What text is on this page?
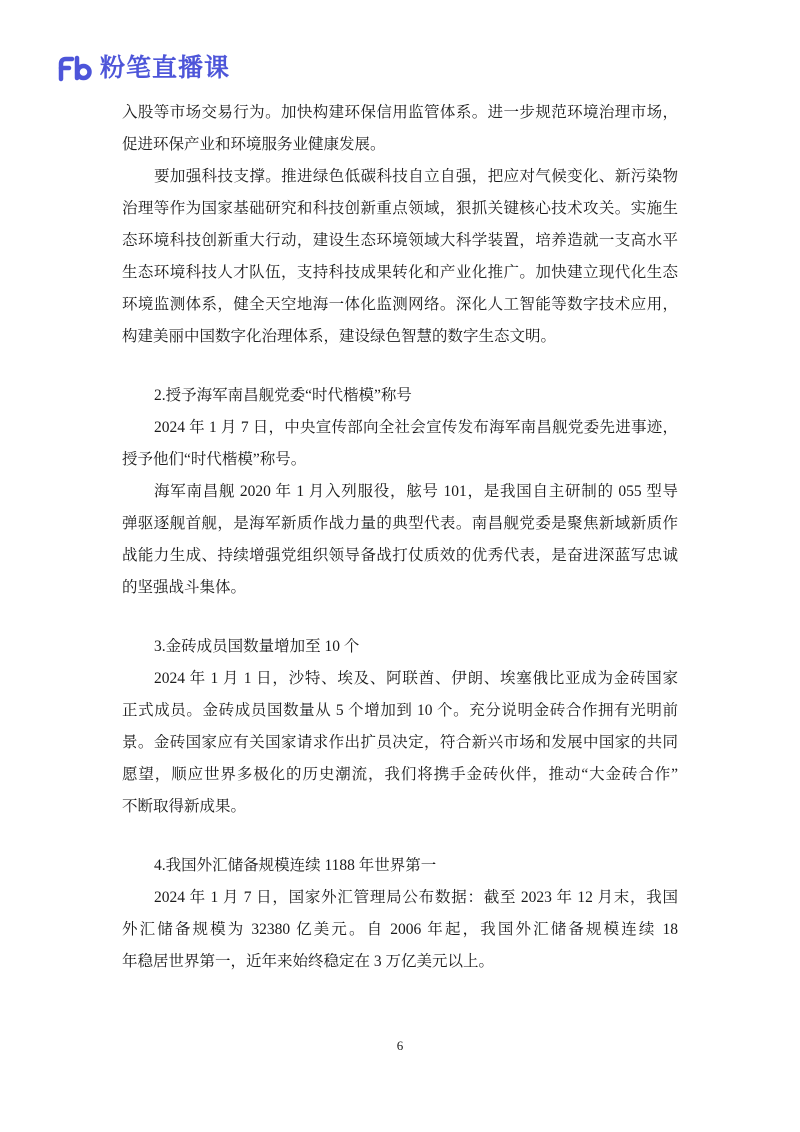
粉笔直播课
入股等市场交易行为。加快构建环保信用监管体系。进一步规范环境治理市场，
促进环保产业和环境服务业健康发展。
要加强科技支撑。推进绿色低碳科技自立自强，把应对气候变化、新污染物
治理等作为国家基础研究和科技创新重点领域，狠抓关键核心技术攻关。实施生
态环境科技创新重大行动，建设生态环境领域大科学装置，培养造就一支高水平
生态环境科技人才队伍，支持科技成果转化和产业化推广。加快建立现代化生态
环境监测体系，健全天空地海一体化监测网络。深化人工智能等数字技术应用，
构建美丽中国数字化治理体系，建设绿色智慧的数字生态文明。
2.授予海军南昌舰党委“时代楷模”称号
2024 年 1 月 7 日，中央宣传部向全社会宣传发布海军南昌舰党委先进事迹，
授予他们“时代楷模”称号。
海军南昌舰 2020 年 1 月入列服役，舷号 101，是我国自主研制的 055 型导
弹驱逐舰首舰，是海军新质作战力量的典型代表。南昌舰党委是聚焦新域新质作
战能力生成、持续增强党组织领导备战打仗质效的优秀代表，是奋进深蓝写忠诚
的坚强战斗集体。
3.金砖成员国数量增加至 10 个
2024 年 1 月 1 日，沙特、埃及、阿联酋、伊朗、埃塞俄比亚成为金砖国家
正式成员。金砖成员国数量从 5 个增加到 10 个。充分说明金砖合作拥有光明前
景。金砖国家应有关国家请求作出扩员决定，符合新兴市场和发展中国家的共同
愿望，顺应世界多极化的历史潮流，我们将携手金砖伙伴，推动“大金砖合作”
不断取得新成果。
4.我国外汇储备规模连续 1188 年世界第一
2024 年 1 月 7 日，国家外汇管理局公布数据：截至 2023 年 12 月末，我国
外汇储备规模为 32380 亿美元。自 2006 年起，我国外汇储备规模连续 18
年稳居世界第一，近年来始终稳定在 3 万亿美元以上。
6
